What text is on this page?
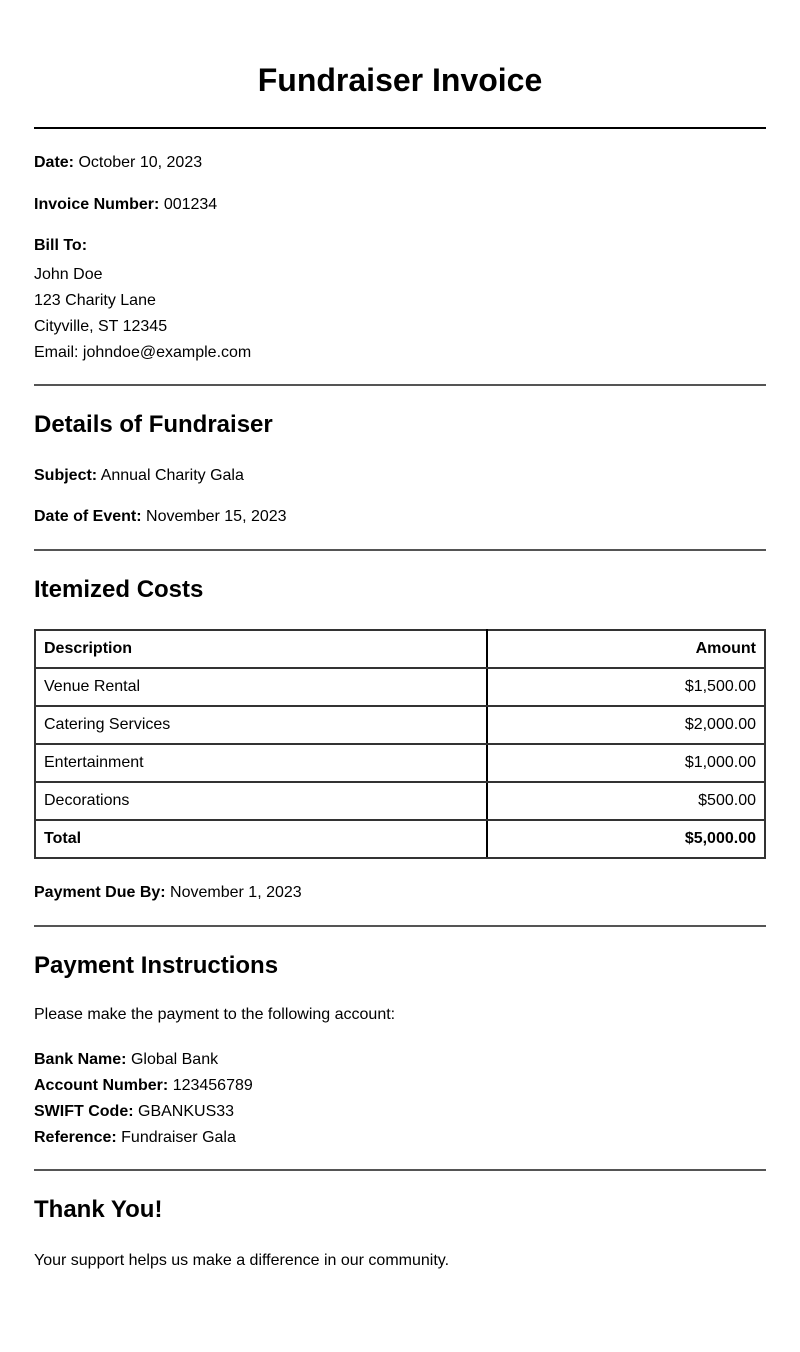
Fundraiser Invoice

Date: October 10, 2023

Invoice Number: 001234

Bill To:
John Doe
123 Charity Lane
Cityville, ST 12345
Email: johndoe@example.com
Details of Fundraiser

Subject: Annual Charity Gala

Date of Event: November 15, 2023

Itemized Costs
Description	Amount
Venue Rental	$1,500.00
Catering Services	$2,000.00
Entertainment	$1,000.00
Decorations	$500.00
Total	$5,000.00

Payment Due By: November 1, 2023

Payment Instructions

Please make the payment to the following account:

Bank Name: Global Bank
Account Number: 123456789
SWIFT Code: GBANKUS33
Reference: Fundraiser Gala
Thank You!

Your support helps us make a difference in our community.
